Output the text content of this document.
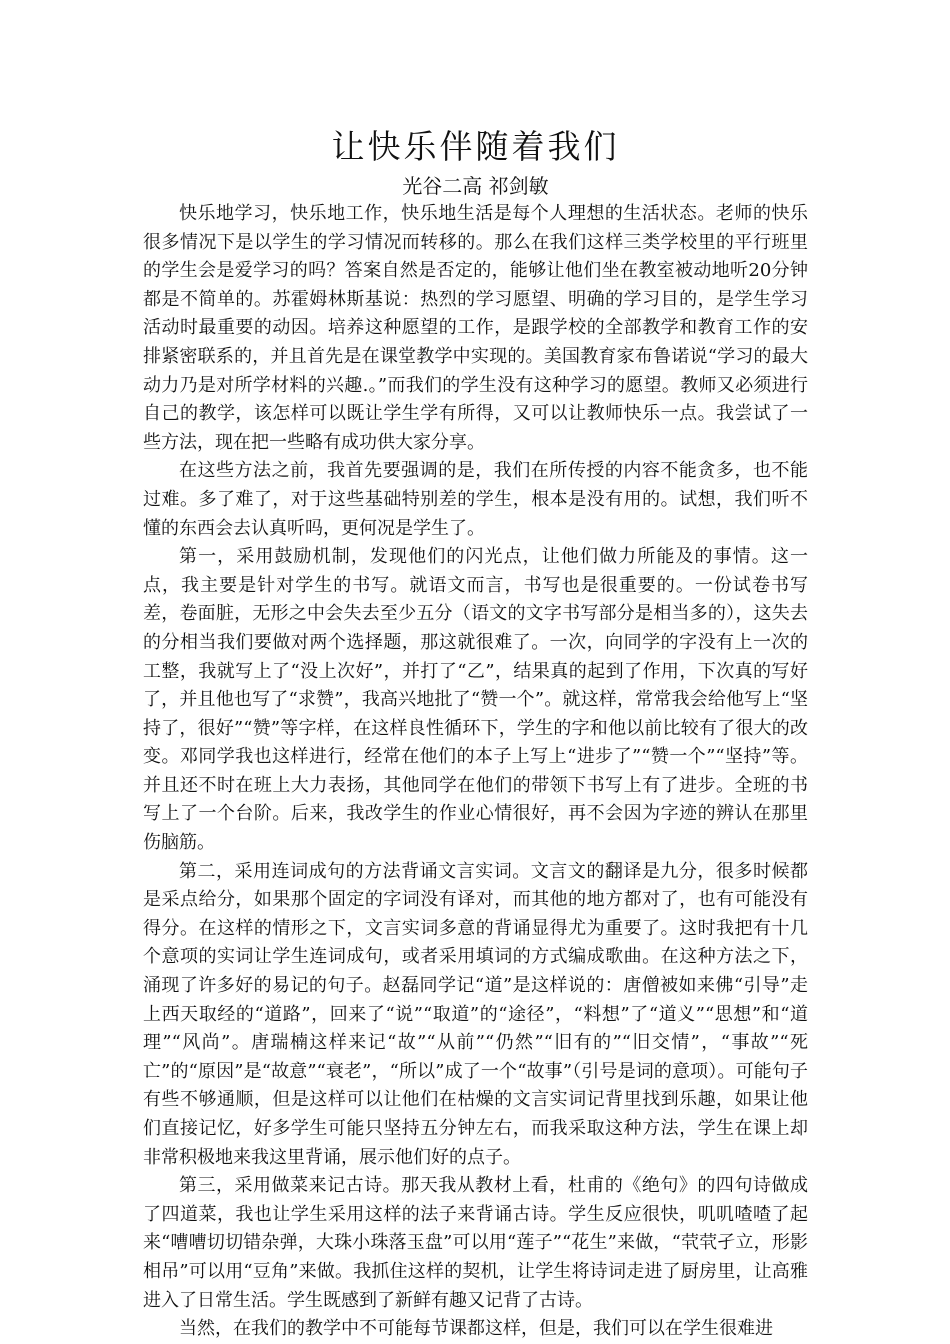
让快乐伴随着我们
光谷二高 祁剑敏

快乐地学习，快乐地工作，快乐地生活是每个人理想的生活状态。老师的快乐很多情况下是以学生的学习情况而转移的。那么在我们这样三类学校里的平行班里的学生会是爱学习的吗？答案自然是否定的，能够让他们坐在教室被动地听20分钟都是不简单的。苏霍姆林斯基说：热烈的学习愿望、明确的学习目的，是学生学习活动时最重要的动因。培养这种愿望的工作，是跟学校的全部教学和教育工作的安排紧密联系的，并且首先是在课堂教学中实现的。美国教育家布鲁诺说“学习的最大动力乃是对所学材料的兴趣.。”而我们的学生没有这种学习的愿望。教师又必须进行自己的教学，该怎样可以既让学生学有所得，又可以让教师快乐一点。我尝试了一些方法，现在把一些略有成功供大家分享。

在这些方法之前，我首先要强调的是，我们在所传授的内容不能贪多，也不能过难。多了难了，对于这些基础特别差的学生，根本是没有用的。试想，我们听不懂的东西会去认真听吗，更何况是学生了。

第一，采用鼓励机制，发现他们的闪光点，让他们做力所能及的事情。这一点，我主要是针对学生的书写。就语文而言，书写也是很重要的。一份试卷书写差，卷面脏，无形之中会失去至少五分（语文的文字书写部分是相当多的），这失去的分相当我们要做对两个选择题，那这就很难了。一次，向同学的字没有上一次的工整，我就写上了“没上次好”，并打了“乙”，结果真的起到了作用，下次真的写好了，并且他也写了“求赞”，我高兴地批了“赞一个”。就这样，常常我会给他写上“坚持了，很好”“赞”等字样，在这样良性循环下，学生的字和他以前比较有了很大的改变。邓同学我也这样进行，经常在他们的本子上写上“进步了”“赞一个”“坚持”等。并且还不时在班上大力表扬，其他同学在他们的带领下书写上有了进步。全班的书写上了一个台阶。后来，我改学生的作业心情很好，再不会因为字迹的辨认在那里伤脑筋。

第二，采用连词成句的方法背诵文言实词。文言文的翻译是九分，很多时候都是采点给分，如果那个固定的字词没有译对，而其他的地方都对了，也有可能没有得分。在这样的情形之下，文言实词多意的背诵显得尤为重要了。这时我把有十几个意项的实词让学生连词成句，或者采用填词的方式编成歌曲。在这种方法之下，涌现了许多好的易记的句子。赵磊同学记“道”是这样说的：唐僧被如来佛“引导”走上西天取经的“道路”，回来了“说”“取道”的“途径”，“料想”了“道义”“思想”和“道理”“风尚”。唐瑞楠这样来记“故”“从前”“仍然”“旧有的”“旧交情”，“事故”“死亡”的“原因”是“故意”“衰老”，“所以”成了一个“故事”（引号是词的意项）。可能句子有些不够通顺，但是这样可以让他们在枯燥的文言实词记背里找到乐趣，如果让他们直接记忆，好多学生可能只坚持五分钟左右，而我采取这种方法，学生在课上却非常积极地来我这里背诵，展示他们好的点子。

第三，采用做菜来记古诗。那天我从教材上看，杜甫的《绝句》的四句诗做成了四道菜，我也让学生采用这样的法子来背诵古诗。学生反应很快，叽叽喳喳了起来“嘈嘈切切错杂弹，大珠小珠落玉盘”可以用“莲子”“花生”来做，“茕茕孑立，形影相吊”可以用“豆角”来做。我抓住这样的契机，让学生将诗词走进了厨房里，让高雅进入了日常生活。学生既感到了新鲜有趣又记背了古诗。

当然，在我们的教学中不可能每节课都这样，但是，我们可以在学生很难进
